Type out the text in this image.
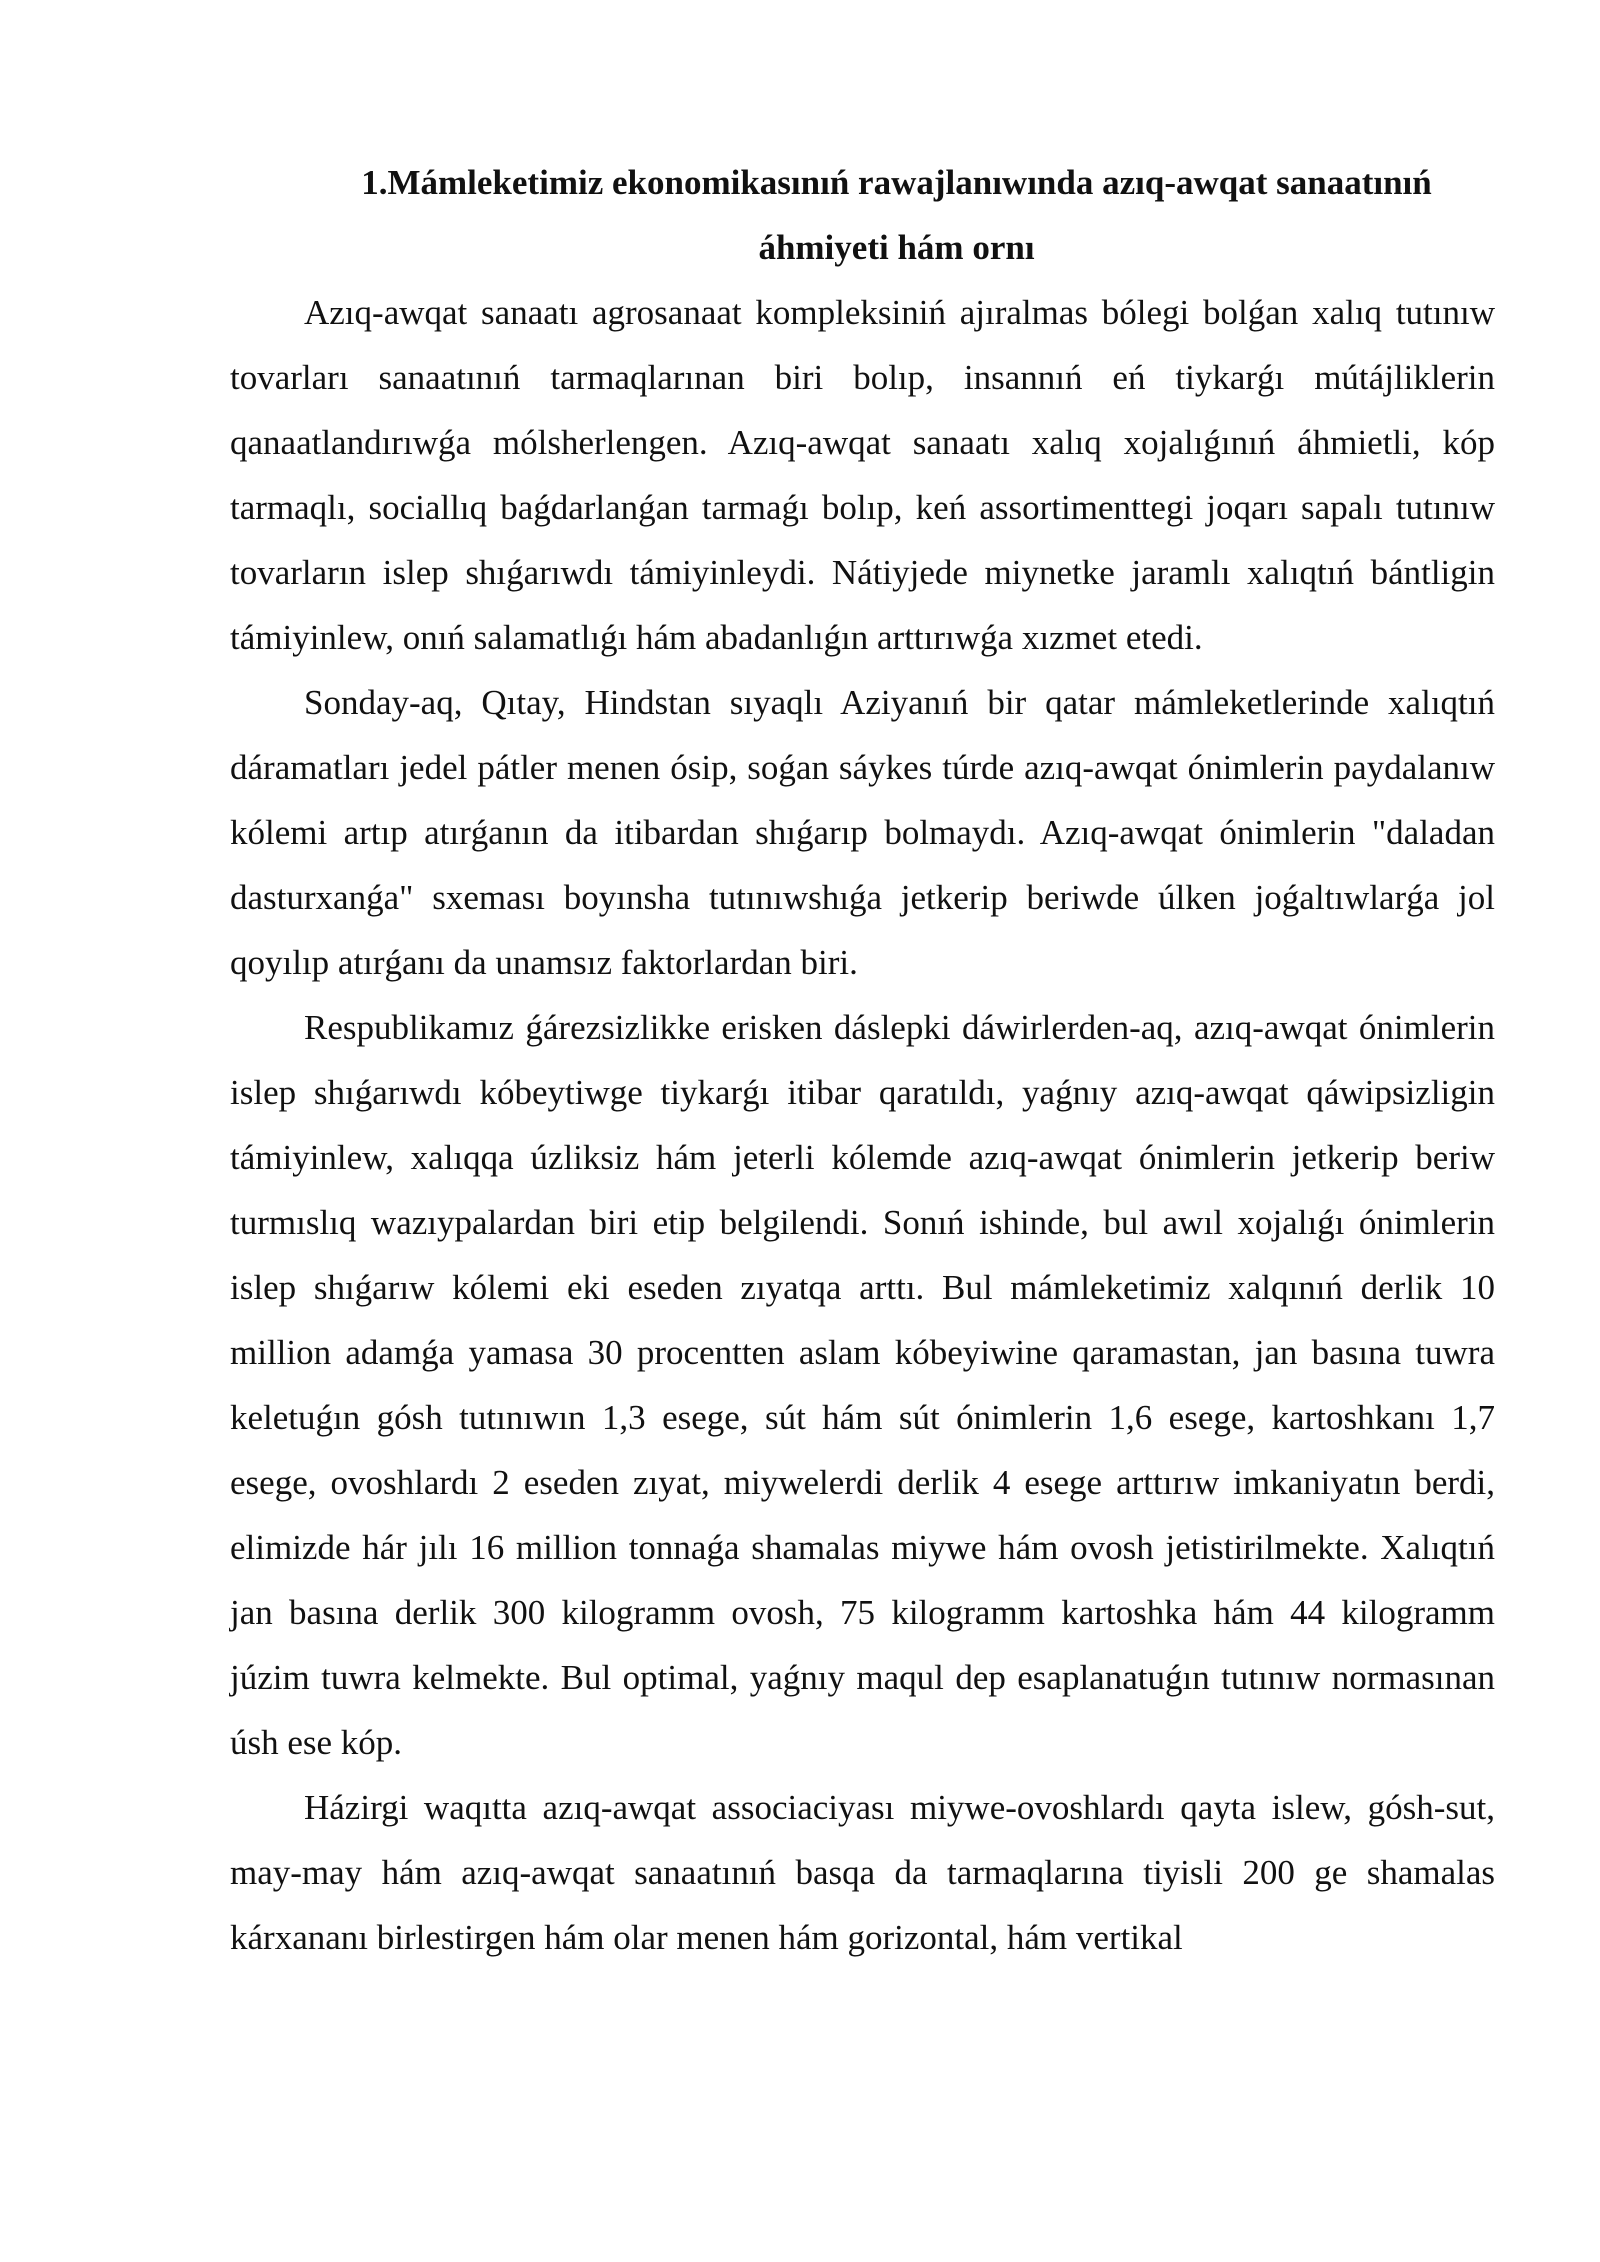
1.Mámleketimiz ekonomikasınıń rawajlanıwında azıq-awqat sanaatınıń áhmiyeti hám ornı

Azıq-awqat sanaatı agrosanaat kompleksiniń ajıralmas bólegi bolǵan xalıq tutınıw tovarları sanaatınıń tarmaqlarınan biri bolıp, insannıń eń tiykarǵı mútájliklerin qanaatlandırıwǵa mólsherlengen. Azıq-awqat sanaatı xalıq xojalıǵınıń áhmietli, kóp tarmaqlı, sociallıq baǵdarlanǵan tarmaǵı bolıp, keń assortimenttegi joqarı sapalı tutınıw tovarların islep shıǵarıwdı támiyinleydi. Nátiyjede miynetke jaramlı xalıqtıń bántligin támiyinlew, onıń salamatlıǵı hám abadanlıǵın arttırıwǵa xızmet etedi.

Sonday-aq, Qıtay, Hindstan sıyaqlı Aziyanıń bir qatar mámleketlerinde xalıqtıń dáramatları jedel pátler menen ósip, soǵan sáykes túrde azıq-awqat ónimlerin paydalanıw kólemi artıp atırǵanın da itibardan shıǵarıp bolmaydı. Azıq-awqat ónimlerin "daladan dasturxanǵa" sxeması boyınsha tutınıwshıǵa jetkerip beriwde úlken joǵaltıwlarǵa jol qoyılıp atırǵanı da unamsız faktorlardan biri.

Respublikamız ǵárezsizlikke erisken dáslepki dáwirlerden-aq, azıq-awqat ónimlerin islep shıǵarıwdı kóbeytiwge tiykarǵı itibar qaratıldı, yaǵnıy azıq-awqat qáwipsizligin támiyinlew, xalıqqa úzliksiz hám jeterli kólemde azıq-awqat ónimlerin jetkerip beriw turmıslıq wazıypalardan biri etip belgilendi. Sonıń ishinde, bul awıl xojalıǵı ónimlerin islep shıǵarıw kólemi eki eseden zıyatqa arttı. Bul mámleketimiz xalqınıń derlik 10 million adamǵa yamasa 30 procentten aslam kóbeyiwine qaramastan, jan basına tuwra keletuǵın gósh tutınıwın 1,3 esege, sút hám sút ónimlerin 1,6 esege, kartoshkanı 1,7 esege, ovoshlardı 2 eseden zıyat, miywelerdi derlik 4 esege arttırıw imkaniyatın berdi, elimizde hár jılı 16 million tonnaǵa shamalas miywe hám ovosh jetistirilmekte. Xalıqtıń jan basına derlik 300 kilogramm ovosh, 75 kilogramm kartoshka hám 44 kilogramm júzim tuwra kelmekte. Bul optimal, yaǵnıy maqul dep esaplanatuǵın tutınıw normasınan úsh ese kóp.

Házirgi waqıtta azıq-awqat associaciyası miywe-ovoshlardı qayta islew, gósh-sut, may-may hám azıq-awqat sanaatınıń basqa da tarmaqlarına tiyisli 200 ge shamalas kárxananı birlestirgen hám olar menen hám gorizontal, hám vertikal
